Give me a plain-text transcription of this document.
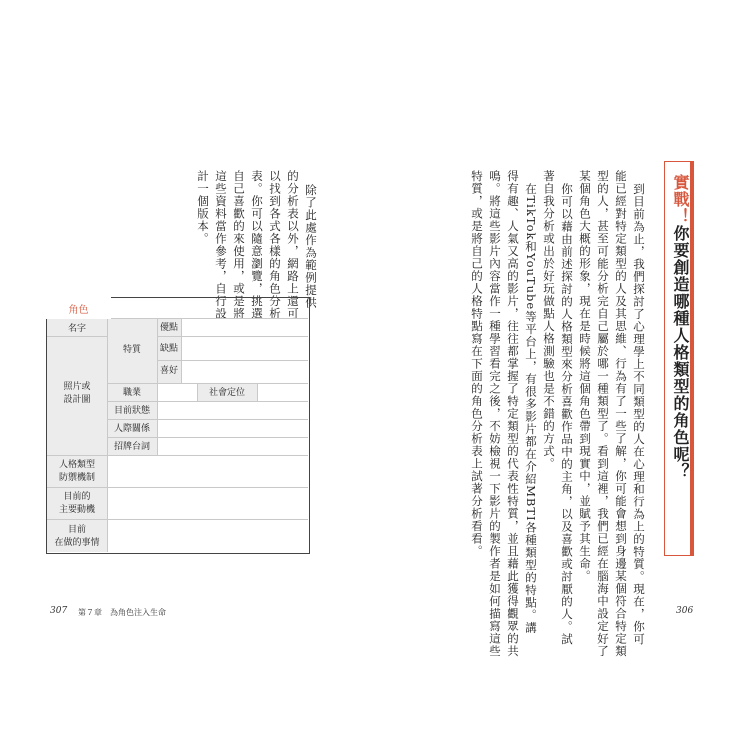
實戰！你要創造哪種人格類型的角色呢？
到目前為止，我們探討了心理學上不同類型的人在心理和行為上的特質。現在，你可
能已經對特定類型的人及其思維、行為有了一些了解，你可能會想到身邊某個符合特定類
型的人，甚至可能分析完自己屬於哪一種類型了。看到這裡，我們已經在腦海中設定好了
某個角色大概的形象，現在是時候將這個角色帶到現實中，並賦予其生命。
你可以藉由前述探討的人格類型來分析喜歡作品中的主角，以及喜歡或討厭的人。試
著自我分析或出於好玩做點人格測驗也是不錯的方式。
在TikTok和YouTube等平台上，有很多影片都在介紹MBTI各種類型的特點。講
得有趣、人氣又高的影片，往往都掌握了特定類型的代表性特質，並且藉此獲得觀眾的共
鳴。將這些影片內容當作一種學習看完之後，不妨檢視一下影片的製作者是如何描寫這些
特質，或是將自己的人格特點寫在下面的角色分析表上試著分析看看。
306
除了此處作為範例提供
的分析表以外，網路上還可
以找到各式各樣的角色分析
表。你可以隨意瀏覽，挑選
自己喜歡的來使用，或是將
這些資料當作參考，自行設
計一個版本。
307 第７章　為角色注入生命
名字
特質
優點
缺點
喜好
照片或
設計圖
職業	社會定位
目前狀態
人際關係
招牌台詞
人格類型
防禦機制
目前的
主要動機
目前
在做的事情
角色
